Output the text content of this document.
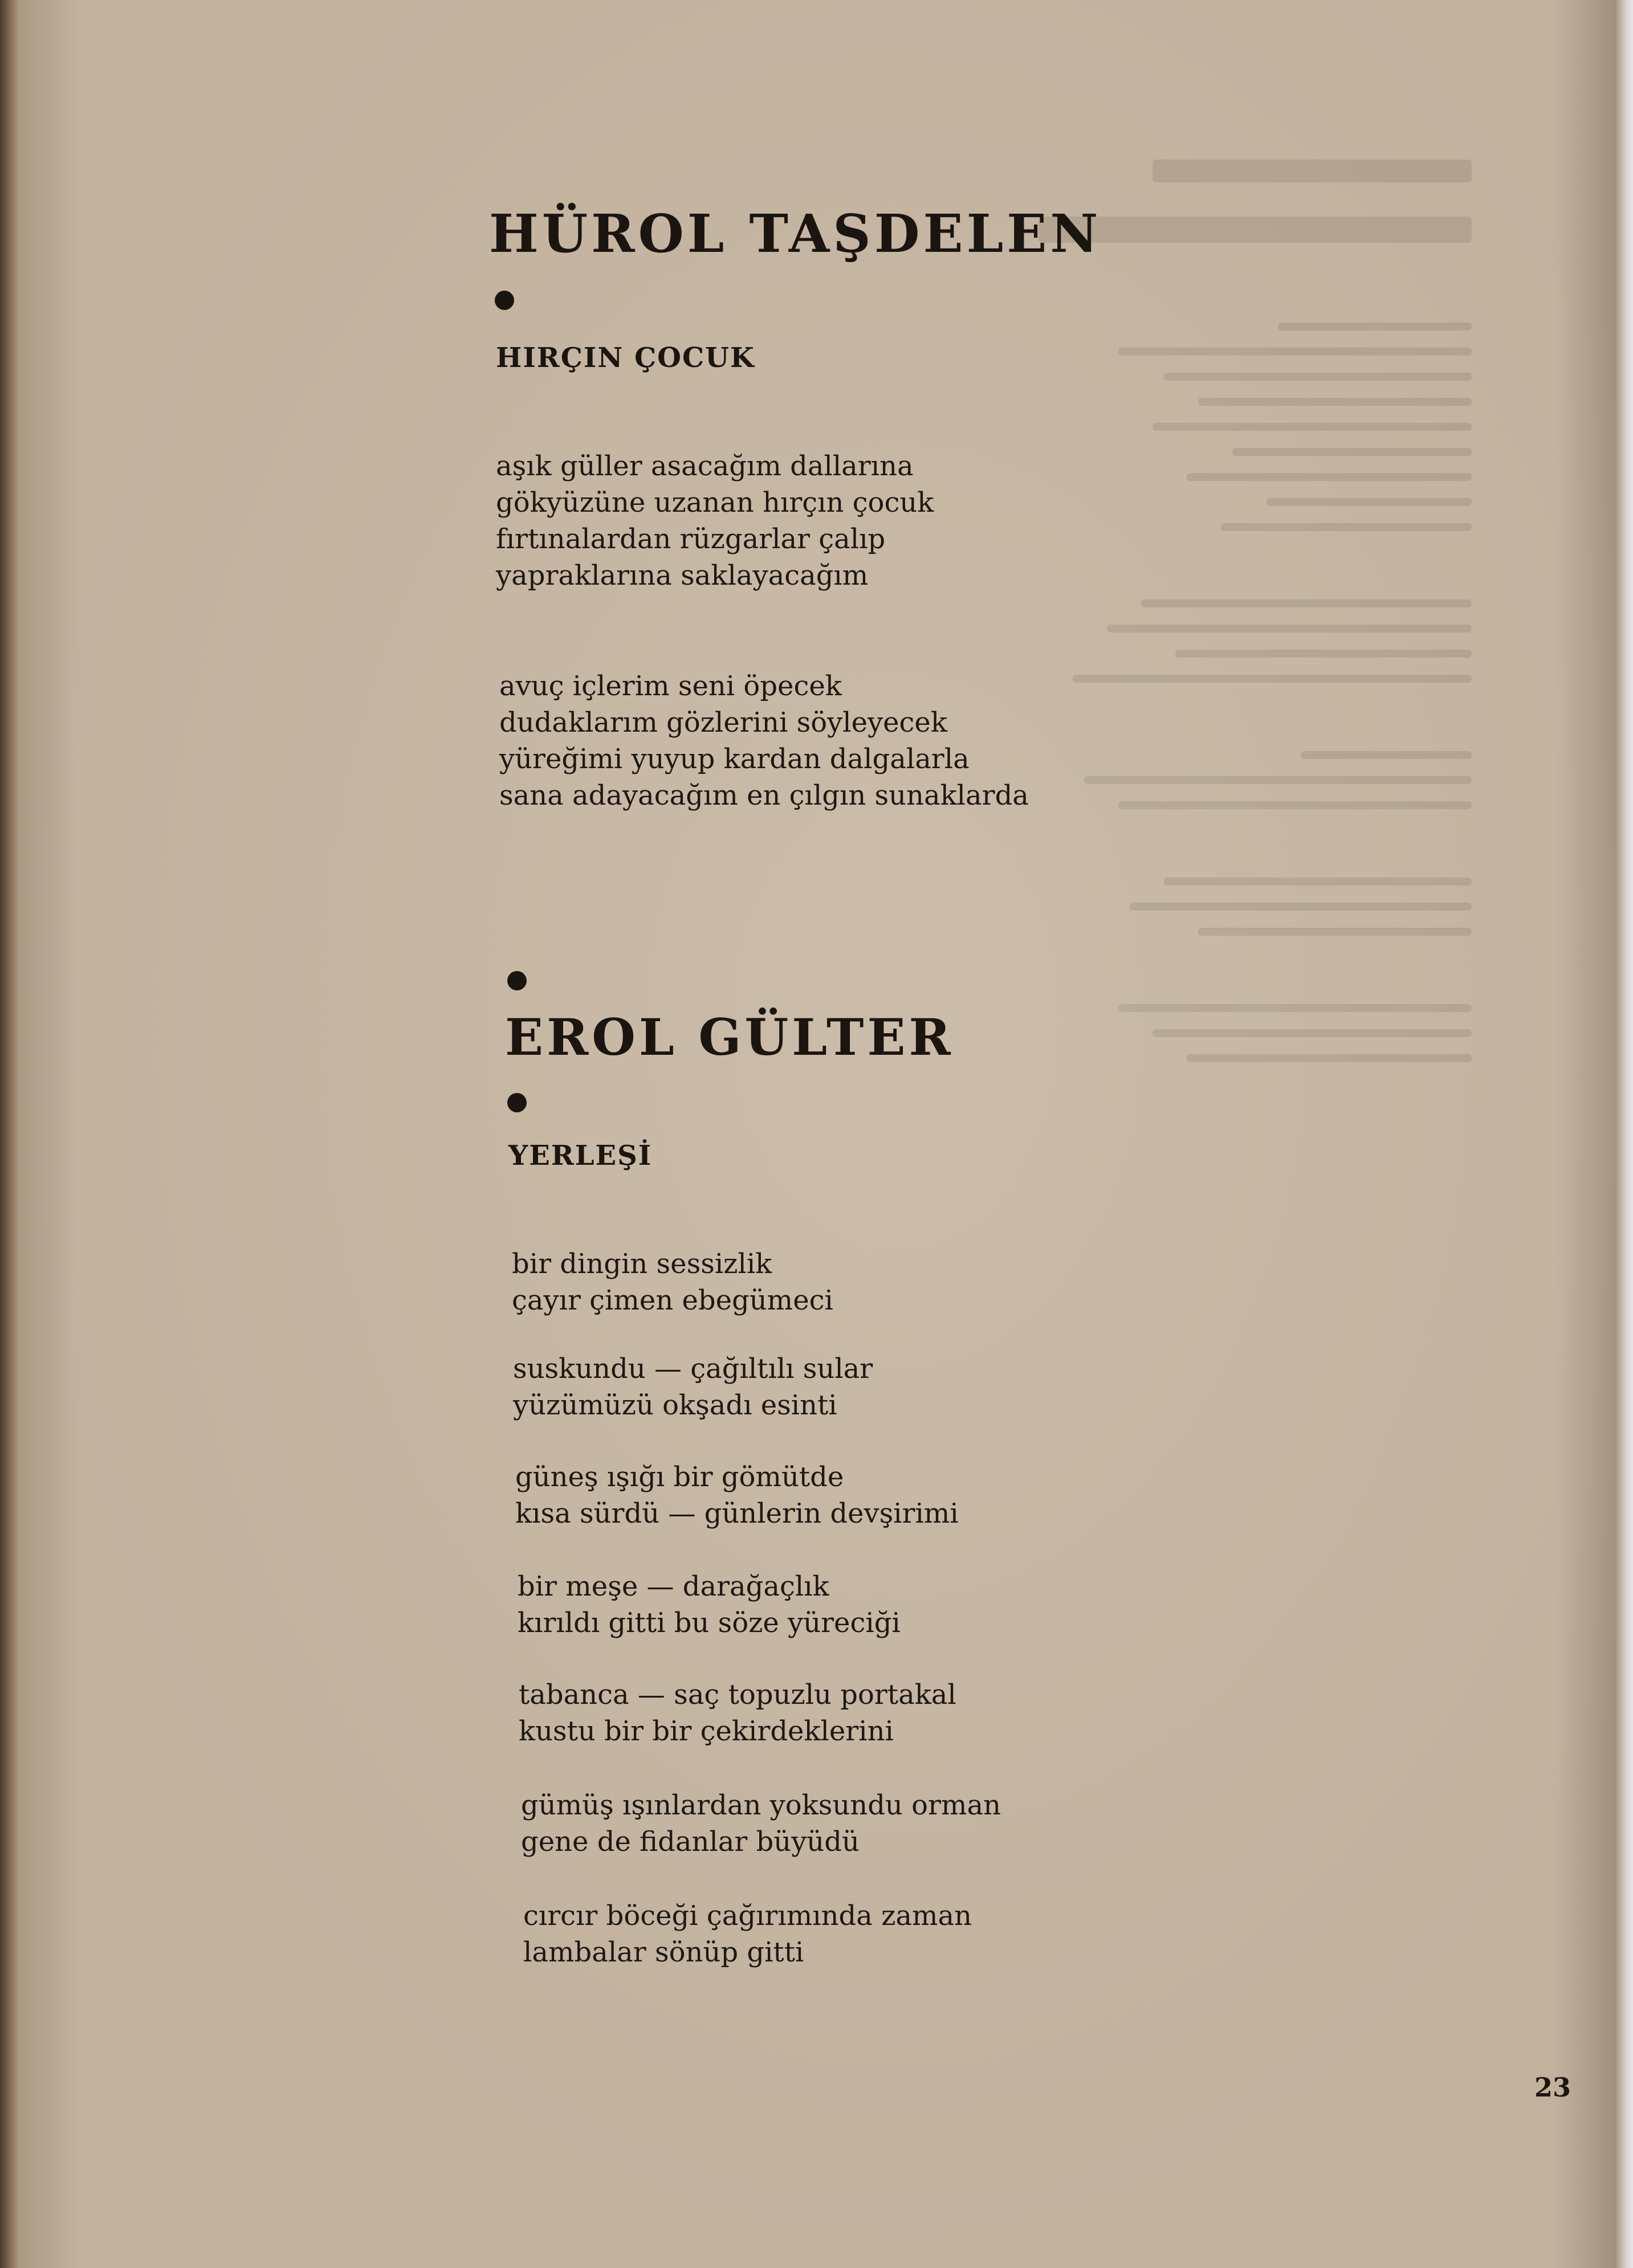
HÜROL TAŞDELEN
HIRÇIN ÇOCUK
aşık güller asacağım dallarına
gökyüzüne uzanan hırçın çocuk
fırtınalardan rüzgarlar çalıp
yapraklarına saklayacağım
avuç içlerim seni öpecek
dudaklarım gözlerini söyleyecek
yüreğimi yuyup kardan dalgalarla
sana adayacağım en çılgın sunaklarda
EROL GÜLTER
YERLEŞİ
bir dingin sessizlik
çayır çimen ebegümeci
suskundu — çağıltılı sular
yüzümüzü okşadı esinti
güneş ışığı bir gömütde
kısa sürdü — günlerin devşirimi
bir meşe — darağaçlık
kırıldı gitti bu söze yüreciği
tabanca — saç topuzlu portakal
kustu bir bir çekirdeklerini
gümüş ışınlardan yoksundu orman
gene de fidanlar büyüdü
cırcır böceği çağırımında zaman
lambalar sönüp gitti
23
